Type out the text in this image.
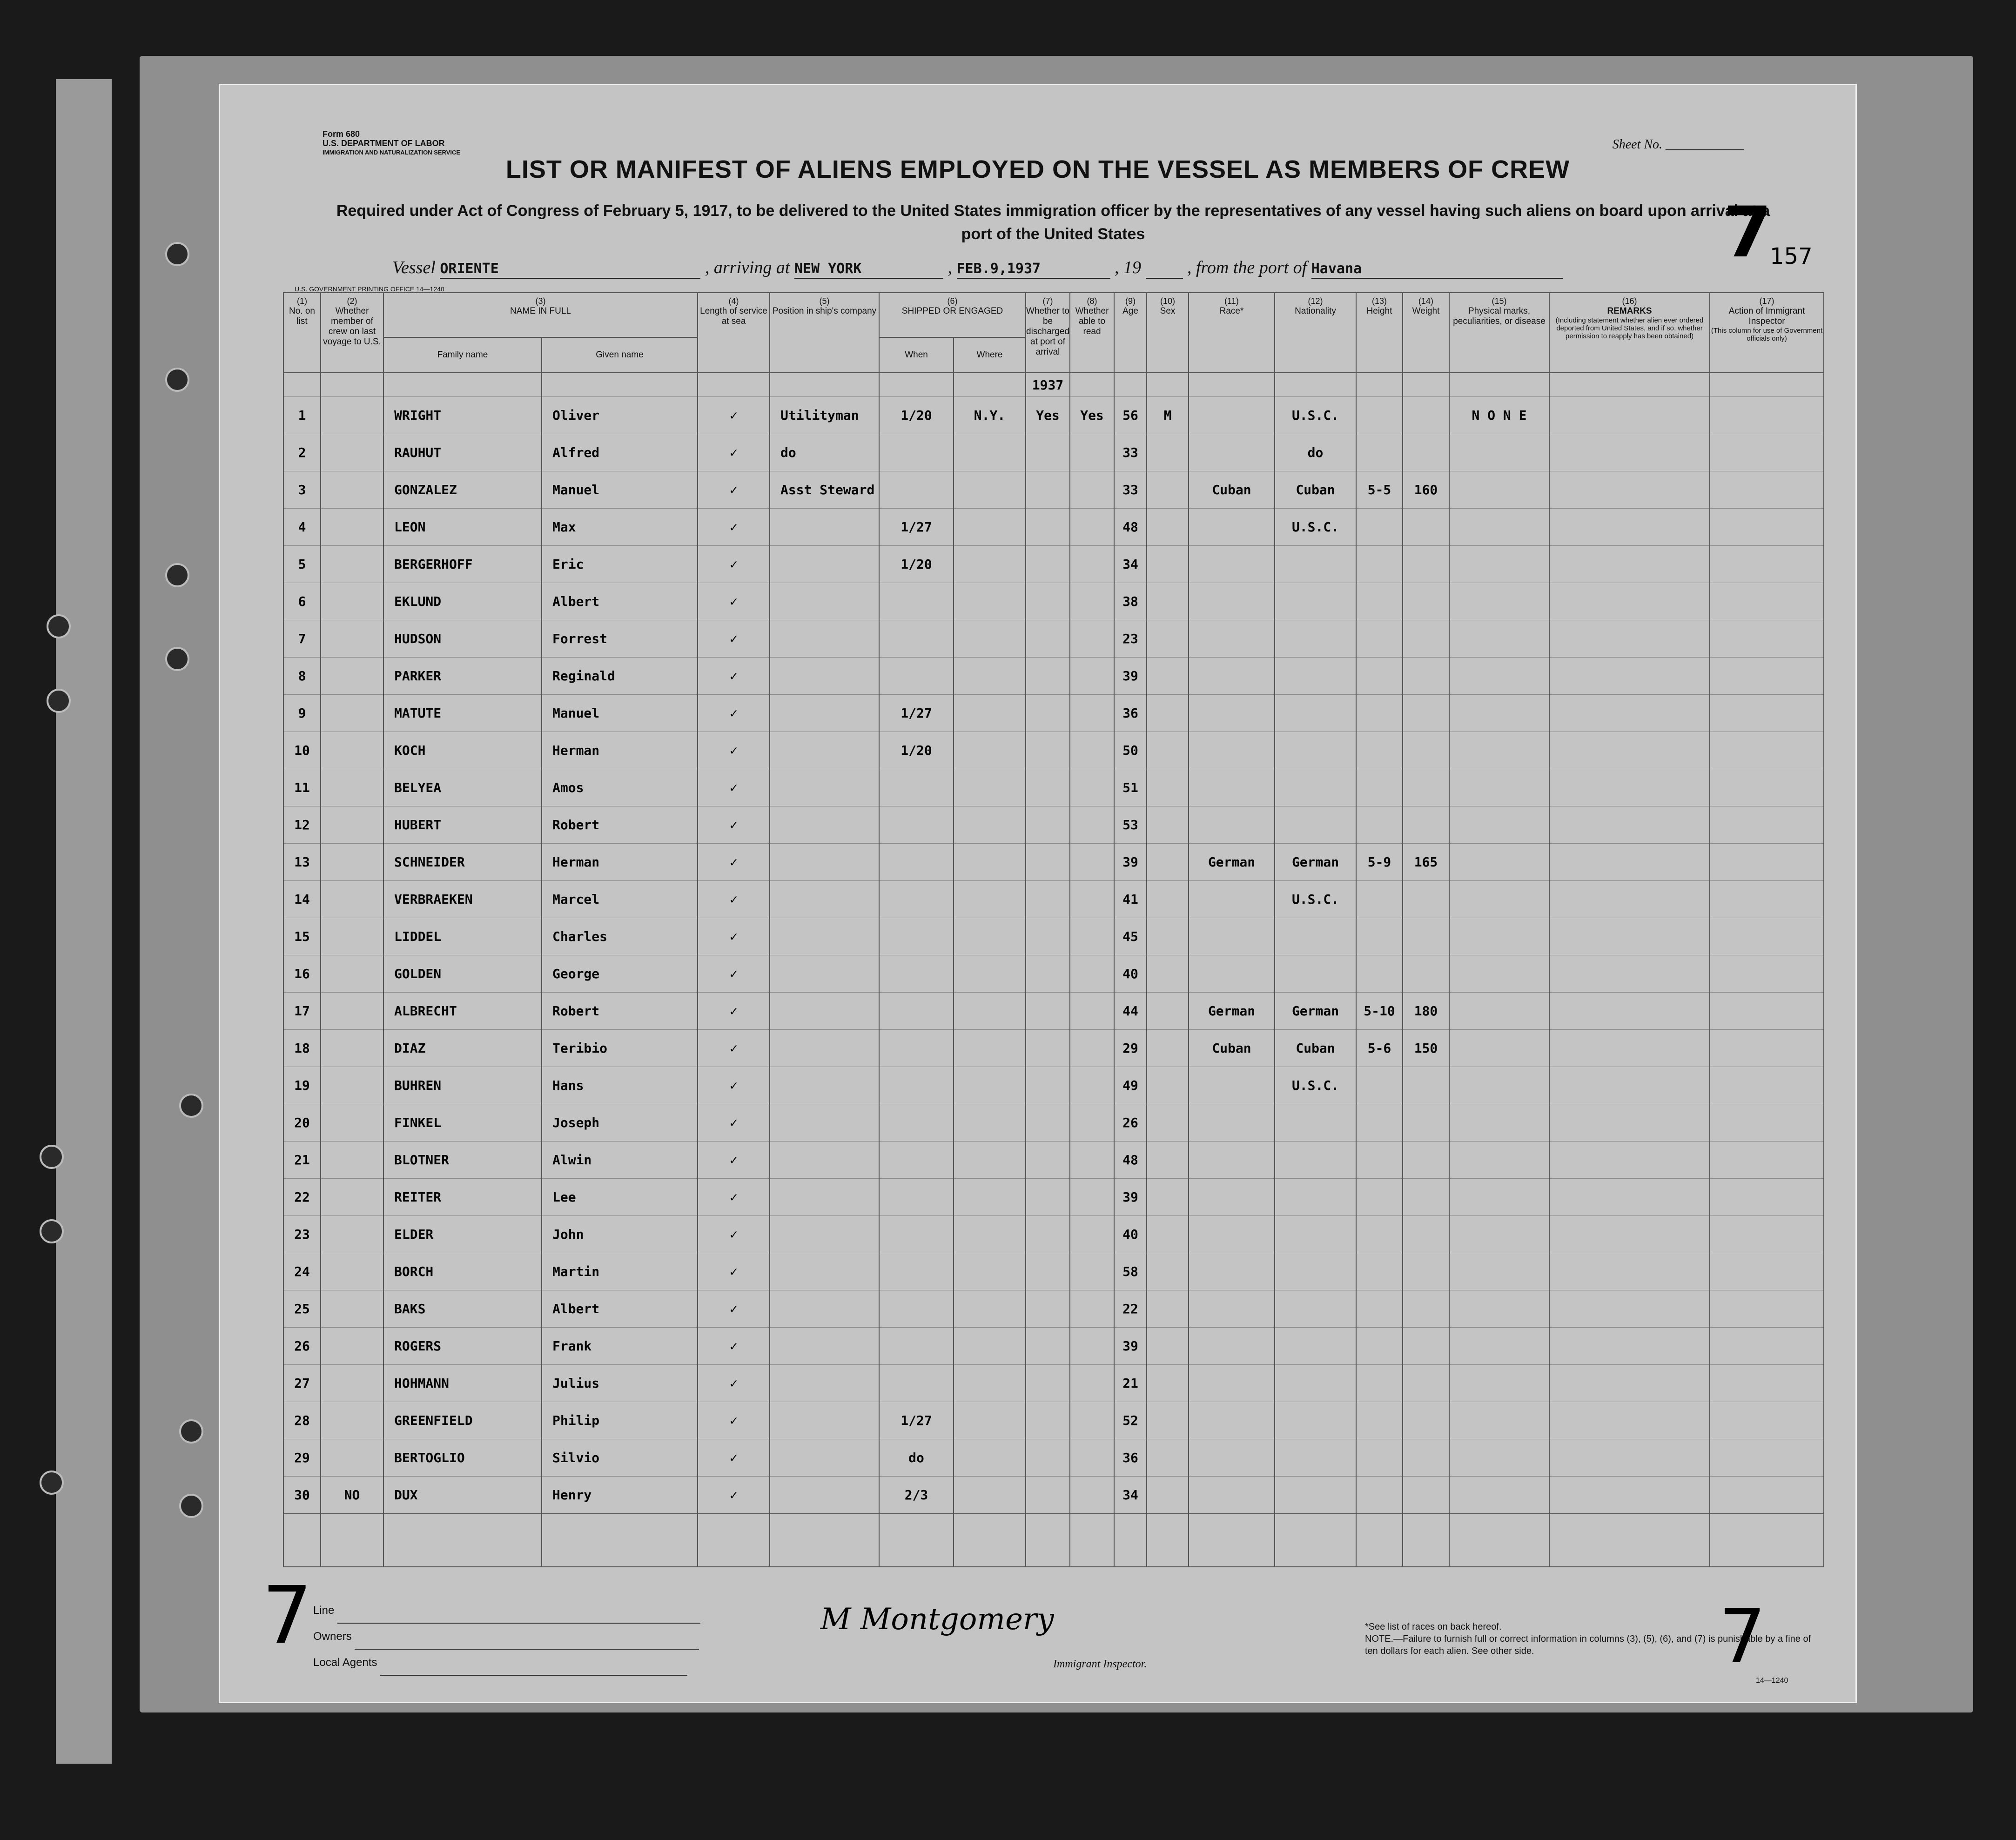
Form 680
U.S. DEPARTMENT OF LABOR
IMMIGRATION AND NATURALIZATION SERVICE
Sheet No. ____________
LIST OR MANIFEST OF ALIENS EMPLOYED ON THE VESSEL AS MEMBERS OF CREW
Required under Act of Congress of February 5, 1917, to be delivered to the United States immigration officer by the representatives of any vessel having such aliens on board upon arrival at a port of the United States	7
157
Vessel ORIENTE	, arriving at NEW YORK	, FEB.9,1937	, 19	, from the port of Havana
U.S. GOVERNMENT PRINTING OFFICE 14—1240
(1)
No. on list	(2)
Whether member of crew on last voyage to U.S.	(3)
NAME IN FULL		(4)
Length of service at sea	(5)
Position in ship's company	(6)
SHIPPED OR ENGAGED		(7)
Whether to be discharged at port of arrival	(8)
Whether able to read	(9)
Age	(10)
Sex	(11)
Race*	(12)
Nationality	(13)
Height	(14)
Weight	(15)
Physical marks, peculiarities, or disease	(16)
REMARKS

(Including statement whether alien ever ordered deported from United States, and if so, whether permission to reapply has been obtained)	(17)
Action of Immigrant Inspector

(This column for use of Government officials only)

		Family name	Given name			When	Where											
								1937										
1		WRIGHT	Oliver	✓	Utilityman	1/20	N.Y.	Yes	Yes	56	M		U.S.C.			N O N E		
2		RAUHUT	Alfred	✓	do					33			do					
3		GONZALEZ	Manuel	✓	Asst Steward					33		Cuban	Cuban	5-5	160			
4		LEON	Max	✓		1/27				48			U.S.C.					
5		BERGERHOFF	Eric	✓		1/20				34								
6		EKLUND	Albert	✓						38								
7		HUDSON	Forrest	✓						23								
8		PARKER	Reginald	✓						39								
9		MATUTE	Manuel	✓		1/27				36								
10		KOCH	Herman	✓		1/20				50								
11		BELYEA	Amos	✓						51								
12		HUBERT	Robert	✓						53								
13		SCHNEIDER	Herman	✓						39		German	German	5-9	165			
14		VERBRAEKEN	Marcel	✓						41			U.S.C.					
15		LIDDEL	Charles	✓						45								
16		GOLDEN	George	✓						40								
17		ALBRECHT	Robert	✓						44		German	German	5-10	180			
18		DIAZ	Teribio	✓						29		Cuban	Cuban	5-6	150			
19		BUHREN	Hans	✓						49			U.S.C.					
20		FINKEL	Joseph	✓						26								
21		BLOTNER	Alwin	✓						48								
22		REITER	Lee	✓						39								
23		ELDER	John	✓						40								
24		BORCH	Martin	✓						58								
25		BAKS	Albert	✓						22								
26		ROGERS	Frank	✓						39								
27		HOHMANN	Julius	✓						21								
28		GREENFIELD	Philip	✓		1/27				52								
29		BERTOGLIO	Silvio	✓		do				36								
30	NO	DUX	Henry	✓		2/3				34								

Line
Owners
Local Agents
M Montgomery
Immigrant Inspector.
*See list of races on back hereof.
NOTE.—Failure to furnish full or correct information in columns (3), (5), (6), and (7) is punishable by a fine of ten dollars for each alien. See other side.
14—1240
7	7
